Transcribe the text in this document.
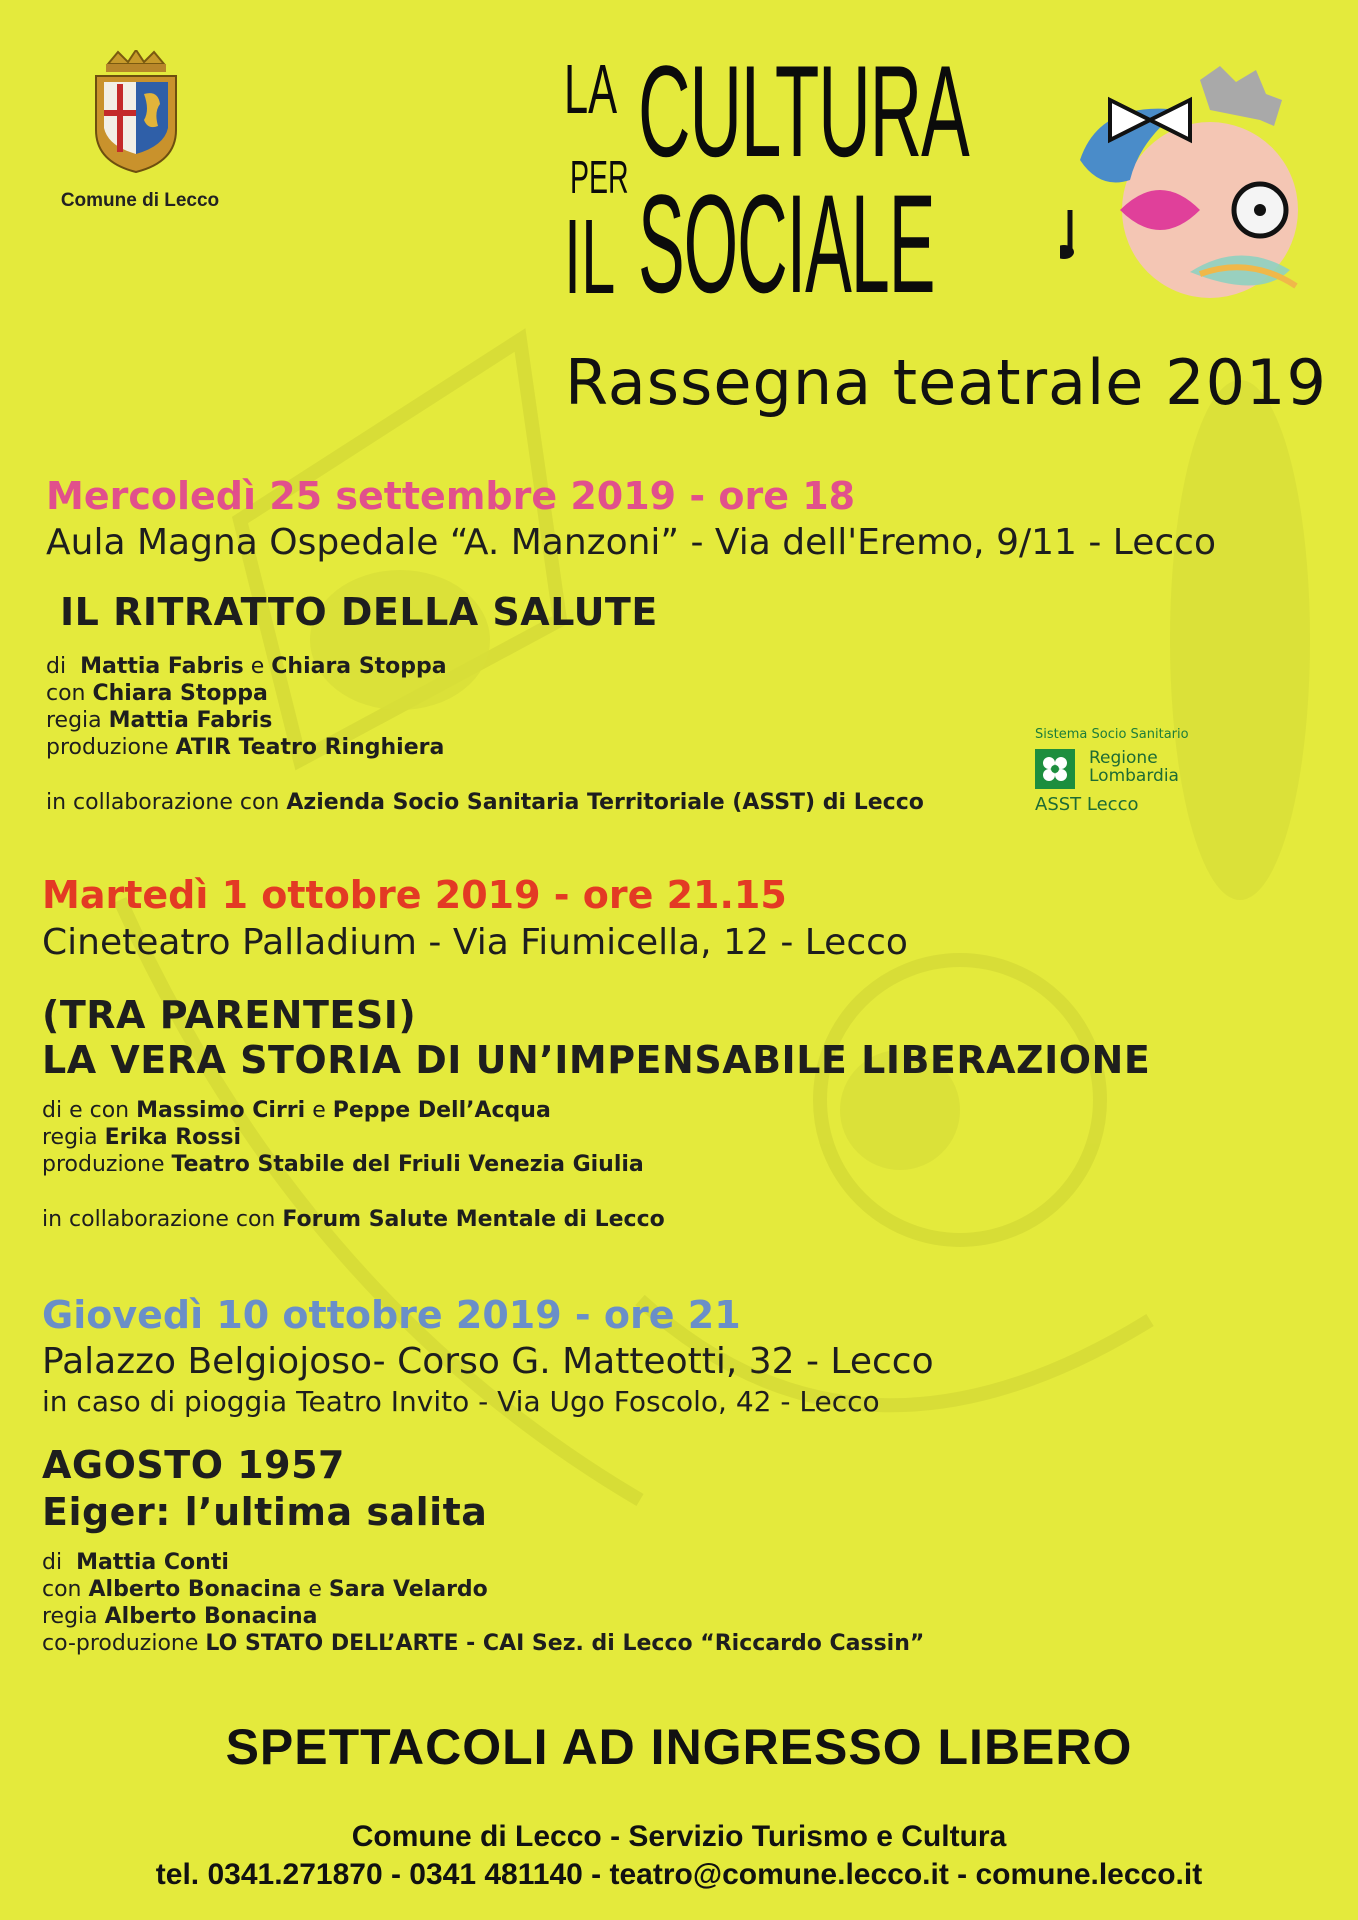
Comune di Lecco
LA CULTURA
PER
IL SOCIALE
Rassegna teatrale 2019
Mercoledì 25 settembre 2019 - ore 18
Aula Magna Ospedale “A. Manzoni” - Via dell'Eremo, 9/11 - Lecco
IL RITRATTO DELLA SALUTE
di Mattia Fabris e Chiara Stoppa
con Chiara Stoppa
regia Mattia Fabris
produzione ATIR Teatro Ringhiera
in collaborazione con Azienda Socio Sanitaria Territoriale (ASST) di Lecco
Sistema Socio Sanitario
Regione
Lombardia
ASST Lecco
Martedì 1 ottobre 2019 - ore 21.15
Cineteatro Palladium - Via Fiumicella, 12 - Lecco
(TRA PARENTESI)
LA VERA STORIA DI UN’IMPENSABILE LIBERAZIONE
di e con Massimo Cirri e Peppe Dell’Acqua
regia Erika Rossi
produzione Teatro Stabile del Friuli Venezia Giulia
in collaborazione con Forum Salute Mentale di Lecco
Giovedì 10 ottobre 2019 - ore 21
Palazzo Belgiojoso- Corso G. Matteotti, 32 - Lecco
in caso di pioggia Teatro Invito - Via Ugo Foscolo, 42 - Lecco
AGOSTO 1957
Eiger: l’ultima salita
di Mattia Conti
con Alberto Bonacina e Sara Velardo
regia Alberto Bonacina
co-produzione LO STATO DELL’ARTE - CAI Sez. di Lecco “Riccardo Cassin”
SPETTACOLI AD INGRESSO LIBERO
Comune di Lecco - Servizio Turismo e Cultura
tel. 0341.271870 - 0341 481140 - teatro@comune.lecco.it - comune.lecco.it
